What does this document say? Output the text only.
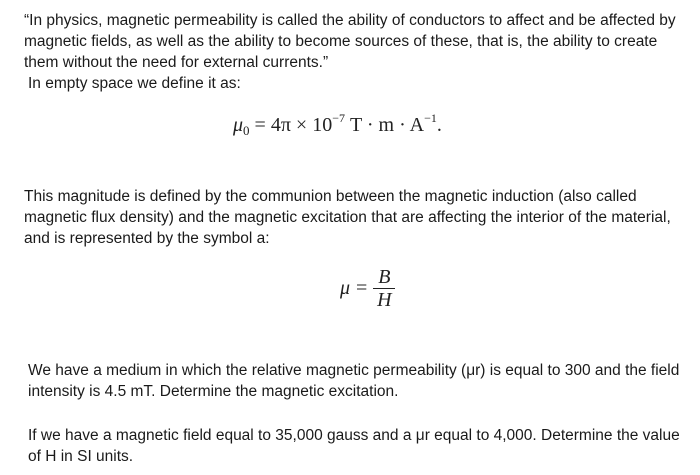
“In physics, magnetic permeability is called the ability of conductors to affect and be affected by magnetic fields, as well as the ability to become sources of these, that is, the ability to create them without the need for external currents.”

In empty space we define it as:

$\mu_0 = 4\pi \times 10^{-7}$ $T \cdot m \cdot A^{-1}$.

This magnitude is defined by the communion between the magnetic induction (also called magnetic flux density) and the magnetic excitation that are affecting the interior of the material, and is represented by the symbol a:

$\mu = \frac{B}{H}$

We have a medium in which the relative magnetic permeability (μr) is equal to 300 and the field intensity is 4.5 mT. Determine the magnetic excitation.

If we have a magnetic field equal to 35,000 gauss and a μr equal to 4,000. Determine the value of H in SI units.
